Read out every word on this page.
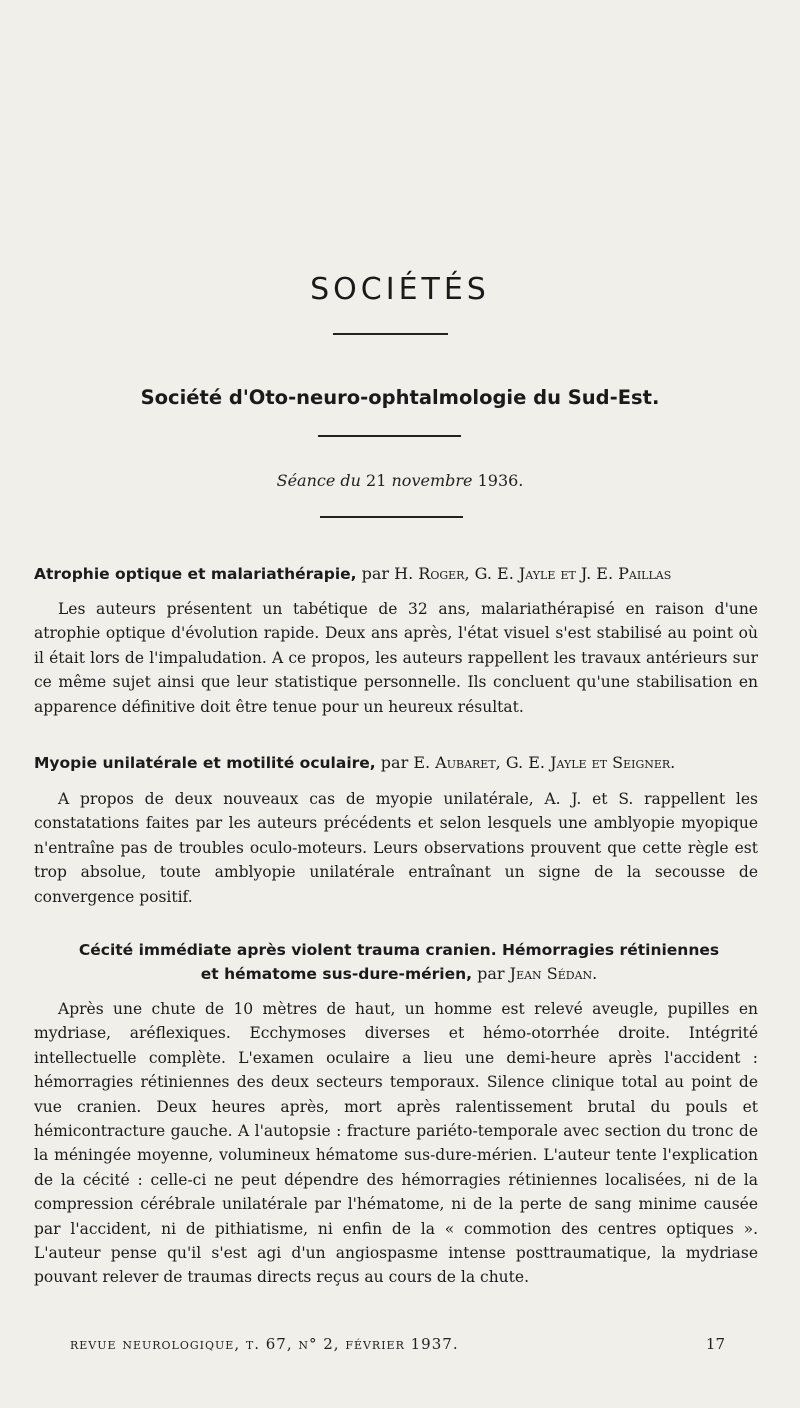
SOCIÉTÉS
Société d'Oto-neuro-ophtalmologie du Sud-Est.
Séance du 21 novembre 1936.
Atrophie optique et malariathérapie, par H. Roger, G. E. Jayle et J. E. Paillas

Les auteurs présentent un tabétique de 32 ans, malariathérapisé en raison d'une atrophie optique d'évolution rapide. Deux ans après, l'état visuel s'est stabilisé au point où il était lors de l'impaludation. A ce propos, les auteurs rappellent les travaux antérieurs sur ce même sujet ainsi que leur statistique personnelle. Ils concluent qu'une stabilisation en apparence définitive doit être tenue pour un heureux résultat.

Myopie unilatérale et motilité oculaire, par E. Aubaret, G. E. Jayle et Seigner.

A propos de deux nouveaux cas de myopie unilatérale, A. J. et S. rappellent les constatations faites par les auteurs précédents et selon lesquels une amblyopie myopique n'entraîne pas de troubles oculo-moteurs. Leurs observations prouvent que cette règle est trop absolue, toute amblyopie unilatérale entraînant un signe de la secousse de convergence positif.

Cécité immédiate après violent trauma cranien. Hémorragies rétiniennes
et hématome sus-dure-mérien, par Jean Sédan.

Après une chute de 10 mètres de haut, un homme est relevé aveugle, pupilles en mydriase, aréflexiques. Ecchymoses diverses et hémo-otorrhée droite. Intégrité intellectuelle complète. L'examen oculaire a lieu une demi-heure après l'accident : hémorragies rétiniennes des deux secteurs temporaux. Silence clinique total au point de vue cranien. Deux heures après, mort après ralentissement brutal du pouls et hémicontracture gauche. A l'autopsie : fracture pariéto-temporale avec section du tronc de la méningée moyenne, volumineux hématome sus-dure-mérien. L'auteur tente l'explication de la cécité : celle-ci ne peut dépendre des hémorragies rétiniennes localisées, ni de la compression cérébrale unilatérale par l'hématome, ni de la perte de sang minime causée par l'accident, ni de pithiatisme, ni enfin de la « commotion des centres optiques ». L'auteur pense qu'il s'est agi d'un angiospasme intense posttraumatique, la mydriase pouvant relever de traumas directs reçus au cours de la chute.

revue neurologique, t. 67, n° 2, février 1937.	17
